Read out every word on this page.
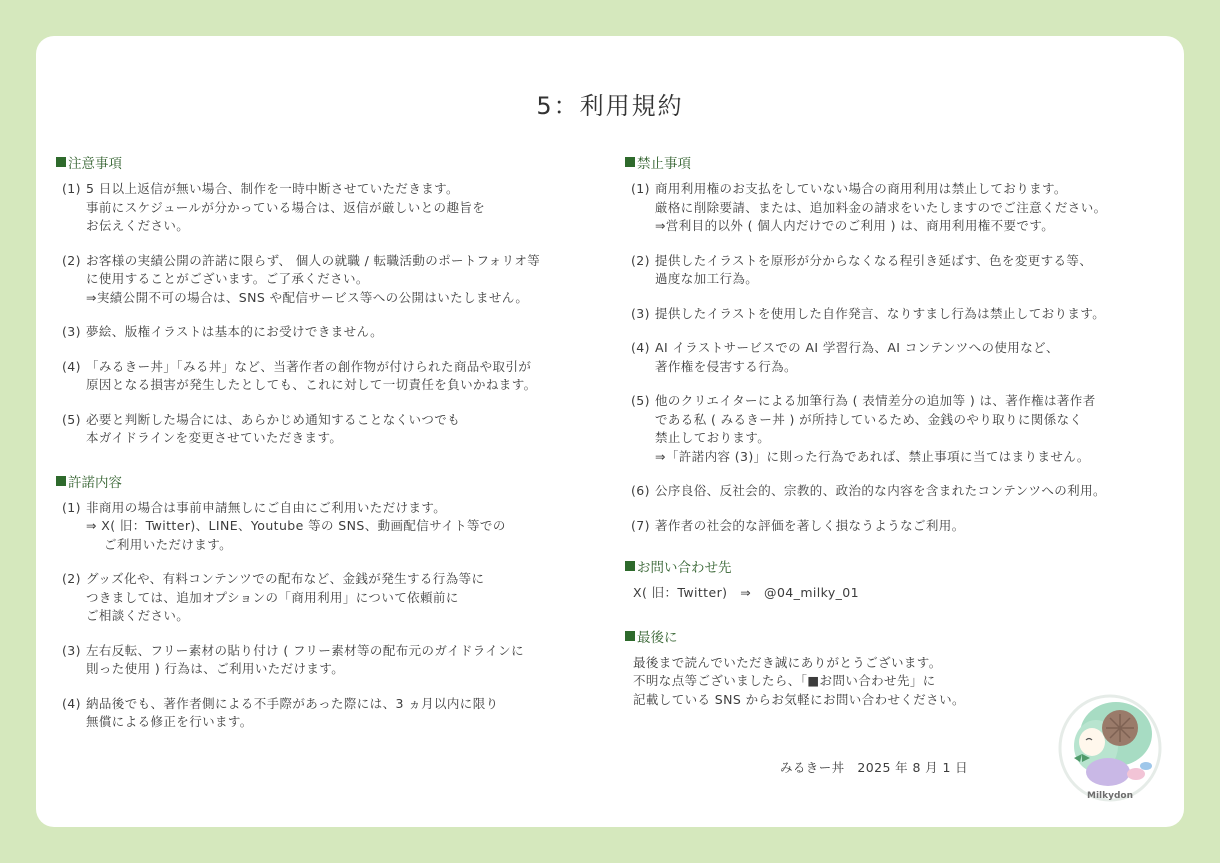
5：利用規約
注意事項
(1) 5 日以上返信が無い場合、制作を一時中断させていただきます。
事前にスケジュールが分かっている場合は、返信が厳しいとの趣旨を
お伝えください。
(2) お客様の実績公開の許諾に限らず、 個人の就職 / 転職活動のポートフォリオ等
に使用することがございます。ご了承ください。
⇒実績公開不可の場合は、SNS や配信サービス等への公開はいたしません。
(3) 夢絵、版権イラストは基本的にお受けできません。
(4) 「みるきー丼」「みる丼」など、当著作者の創作物が付けられた商品や取引が
原因となる損害が発生したとしても、これに対して一切責任を負いかねます。
(5) 必要と判断した場合には、あらかじめ通知することなくいつでも
本ガイドラインを変更させていただきます。
許諾内容
(1) 非商用の場合は事前申請無しにご自由にご利用いただけます。
⇒ X( 旧：Twitter)、LINE、Youtube 等の SNS、動画配信サイト等での
ご利用いただけます。
(2) グッズ化や、有料コンテンツでの配布など、金銭が発生する行為等に
つきましては、追加オプションの「商用利用」について依頼前に
ご相談ください。
(3) 左右反転、フリー素材の貼り付け ( フリー素材等の配布元のガイドラインに
則った使用 ) 行為は、ご利用いただけます。
(4) 納品後でも、著作者側による不手際があった際には、3 ヵ月以内に限り
無償による修正を行います。
禁止事項
(1) 商用利用権のお支払をしていない場合の商用利用は禁止しております。
厳格に削除要請、または、追加料金の請求をいたしますのでご注意ください。
⇒営利目的以外 ( 個人内だけでのご利用 ) は、商用利用権不要です。
(2) 提供したイラストを原形が分からなくなる程引き延ばす、色を変更する等、
過度な加工行為。
(3) 提供したイラストを使用した自作発言、なりすまし行為は禁止しております。
(4) AI イラストサービスでの AI 学習行為、AI コンテンツへの使用など、
著作権を侵害する行為。
(5) 他のクリエイターによる加筆行為 ( 表情差分の追加等 ) は、著作権は著作者
である私 ( みるきー丼 ) が所持しているため、金銭のやり取りに関係なく
禁止しております。
⇒「許諾内容 (3)」に則った行為であれば、禁止事項に当てはまりません。
(6) 公序良俗、反社会的、宗教的、政治的な内容を含まれたコンテンツへの利用。
(7) 著作者の社会的な評価を著しく損なうようなご利用。
お問い合わせ先
X( 旧：Twitter)　⇒　@04_milky_01
最後に
最後まで読んでいただき誠にありがとうございます。
不明な点等ございましたら、「■お問い合わせ先」に
記載している SNS からお気軽にお問い合わせください。
みるきー丼　2025 年 8 月 1 日
Milkydon
